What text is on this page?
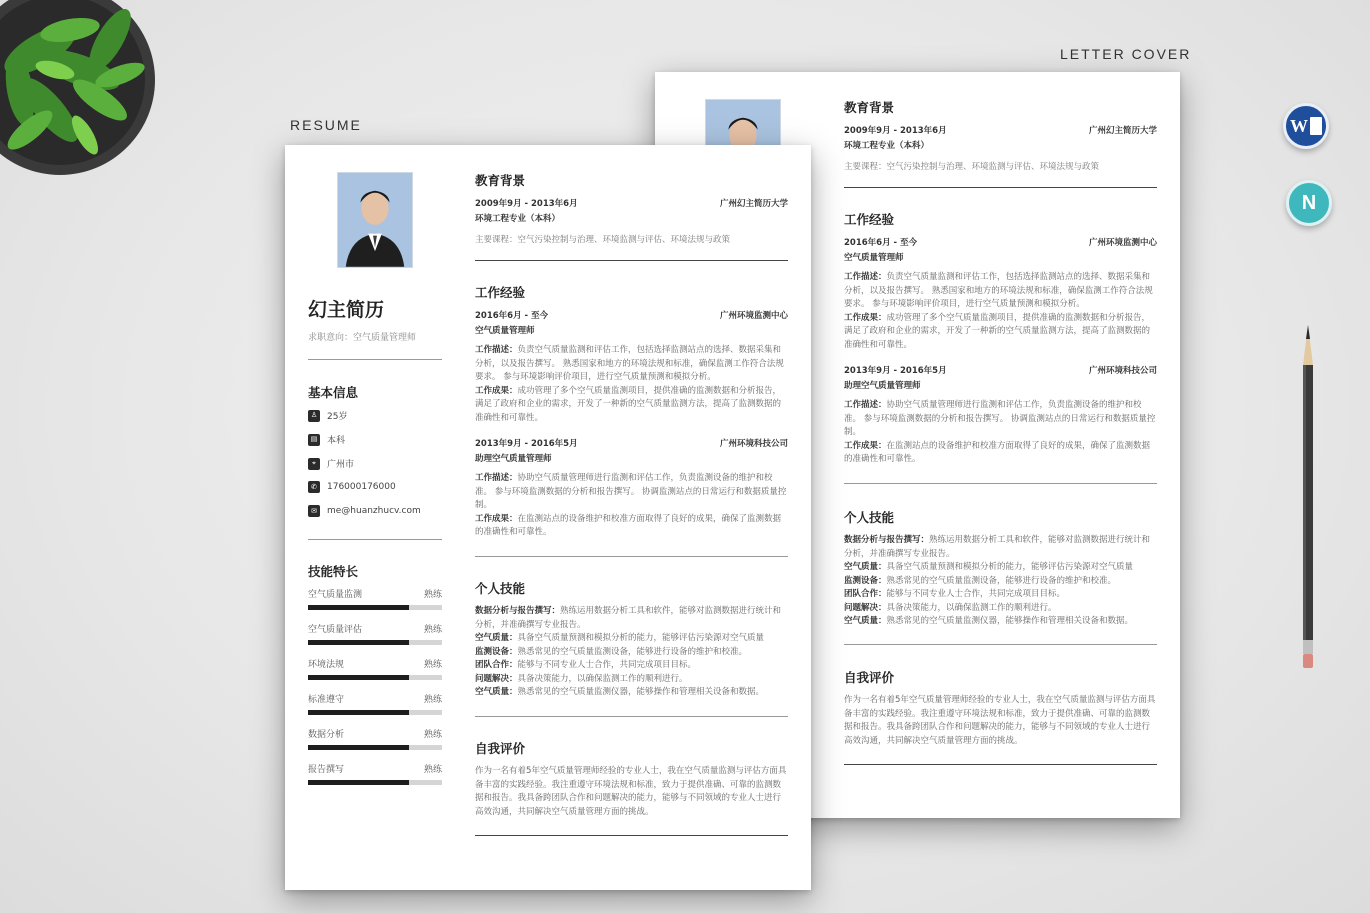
RESUME
LETTER COVER
教育背景
2009年9月 - 2013年6月	广州幻主简历大学
环境工程专业（本科）
主要课程：空气污染控制与治理、环境监测与评估、环境法规与政策
工作经验
2016年6月 - 至今	广州环境监测中心
空气质量管理师
工作描述：负责空气质量监测和评估工作，包括选择监测站点的选择、数据采集和分析，以及报告撰写。 熟悉国家和地方的环境法规和标准，确保监测工作符合法规要求。 参与环境影响评价项目，进行空气质量预测和模拟分析。
工作成果：成功管理了多个空气质量监测项目，提供准确的监测数据和分析报告，满足了政府和企业的需求，开发了一种新的空气质量监测方法，提高了监测数据的准确性和可靠性。
2013年9月 - 2016年5月	广州环境科技公司
助理空气质量管理师
工作描述：协助空气质量管理师进行监测和评估工作，负责监测设备的维护和校准。 参与环境监测数据的分析和报告撰写。 协调监测站点的日常运行和数据质量控制。
工作成果：在监测站点的设备维护和校准方面取得了良好的成果，确保了监测数据的准确性和可靠性。
个人技能
数据分析与报告撰写：熟练运用数据分析工具和软件，能够对监测数据进行统计和分析，并准确撰写专业报告。
空气质量：具备空气质量预测和模拟分析的能力，能够评估污染源对空气质量
监测设备：熟悉常见的空气质量监测设备，能够进行设备的维护和校准。
团队合作：能够与不同专业人士合作，共同完成项目目标。
问题解决：具备决策能力，以确保监测工作的顺利进行。
空气质量：熟悉常见的空气质量监测仪器，能够操作和管理相关设备和数据。
自我评价
作为一名有着5年空气质量管理师经验的专业人士，我在空气质量监测与评估方面具备丰富的实践经验。我注重遵守环境法规和标准，致力于提供准确、可靠的监测数据和报告。我具备跨团队合作和问题解决的能力，能够与不同领域的专业人士进行高效沟通，共同解决空气质量管理方面的挑战。
幻主简历
求职意向：空气质量管理师
基本信息
♙	25岁
▤ 本科
⌖	广州市
✆	176000176000
✉	me@huanzhucv.com
技能特长
空气质量监测	熟练
空气质量评估	熟练
环境法规	熟练
标准遵守	熟练
数据分析	熟练
报告撰写	熟练
教育背景
2009年9月 - 2013年6月	广州幻主简历大学
环境工程专业（本科）
主要课程：空气污染控制与治理、环境监测与评估、环境法规与政策
工作经验
2016年6月 - 至今	广州环境监测中心
空气质量管理师
工作描述：负责空气质量监测和评估工作，包括选择监测站点的选择、数据采集和分析，以及报告撰写。 熟悉国家和地方的环境法规和标准，确保监测工作符合法规要求。 参与环境影响评价项目，进行空气质量预测和模拟分析。
工作成果：成功管理了多个空气质量监测项目，提供准确的监测数据和分析报告，满足了政府和企业的需求，开发了一种新的空气质量监测方法，提高了监测数据的准确性和可靠性。
2013年9月 - 2016年5月	广州环境科技公司
助理空气质量管理师
工作描述：协助空气质量管理师进行监测和评估工作，负责监测设备的维护和校准。 参与环境监测数据的分析和报告撰写。 协调监测站点的日常运行和数据质量控制。
工作成果：在监测站点的设备维护和校准方面取得了良好的成果，确保了监测数据的准确性和可靠性。
个人技能
数据分析与报告撰写：熟练运用数据分析工具和软件，能够对监测数据进行统计和分析，并准确撰写专业报告。
空气质量：具备空气质量预测和模拟分析的能力，能够评估污染源对空气质量
监测设备：熟悉常见的空气质量监测设备，能够进行设备的维护和校准。
团队合作：能够与不同专业人士合作，共同完成项目目标。
问题解决：具备决策能力，以确保监测工作的顺利进行。
空气质量：熟悉常见的空气质量监测仪器，能够操作和管理相关设备和数据。
自我评价
作为一名有着5年空气质量管理师经验的专业人士，我在空气质量监测与评估方面具备丰富的实践经验。我注重遵守环境法规和标准，致力于提供准确、可靠的监测数据和报告。我具备跨团队合作和问题解决的能力，能够与不同领域的专业人士进行高效沟通，共同解决空气质量管理方面的挑战。
W
N
